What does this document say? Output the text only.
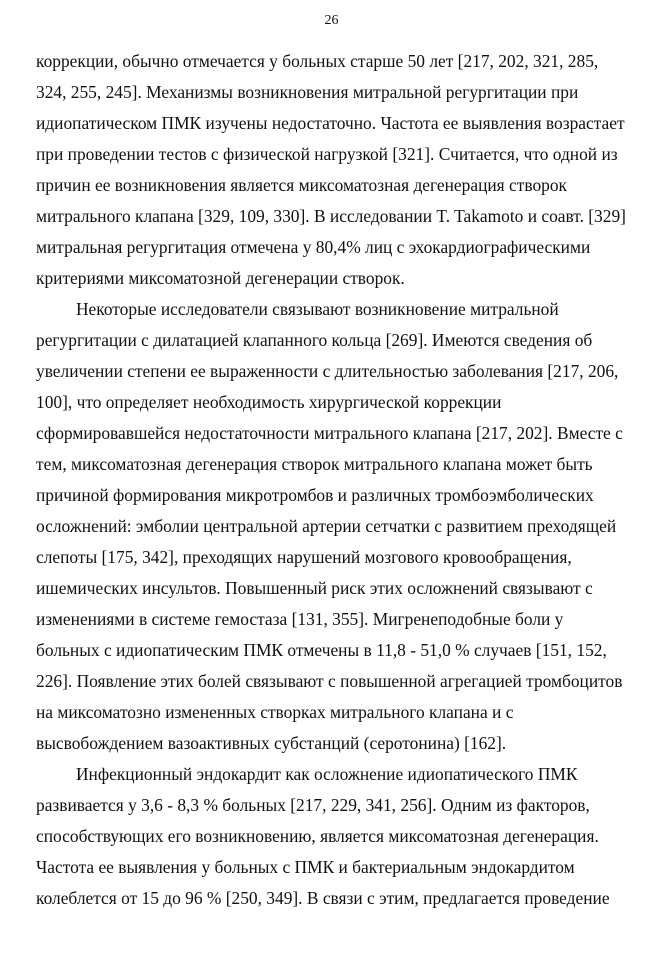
26
коррекции, обычно отмечается у больных старше 50 лет [217, 202, 321, 285,
324, 255, 245]. Механизмы возникновения митральной регургитации при
идиопатическом ПМК изучены недостаточно. Частота ее выявления возрастает
при проведении тестов с физической нагрузкой [321]. Считается, что одной из
причин ее возникновения является миксоматозная дегенерация створок
митрального клапана [329, 109, 330]. В исследовании T. Takamoto и соавт. [329]
митральная регургитация отмечена у 80,4% лиц с эхокардиографическими
критериями миксоматозной дегенерации створок.
Некоторые исследователи связывают возникновение митральной
регургитации с дилатацией клапанного кольца [269]. Имеются сведения об
увеличении степени ее выраженности с длительностью заболевания [217, 206,
100], что определяет необходимость хирургической коррекции
сформировавшейся недостаточности митрального клапана [217, 202]. Вместе с
тем, миксоматозная дегенерация створок митрального клапана может быть
причиной формирования микротромбов и различных тромбоэмболических
осложнений: эмболии центральной артерии сетчатки с развитием преходящей
слепоты [175, 342], преходящих нарушений мозгового кровообращения,
ишемических инсультов. Повышенный риск этих осложнений связывают с
изменениями в системе гемостаза [131, 355]. Мигренеподобные боли у
больных с идиопатическим ПМК отмечены в 11,8 - 51,0 % случаев [151, 152,
226]. Появление этих болей связывают с повышенной агрегацией тромбоцитов
на миксоматозно измененных створках митрального клапана и с
высвобождением вазоактивных субстанций (серотонина) [162].
Инфекционный эндокардит как осложнение идиопатического ПМК
развивается у 3,6 - 8,3 % больных [217, 229, 341, 256]. Одним из факторов,
способствующих его возникновению, является миксоматозная дегенерация.
Частота ее выявления у больных с ПМК и бактериальным эндокардитом
колеблется от 15 до 96 % [250, 349]. В связи с этим, предлагается проведение
